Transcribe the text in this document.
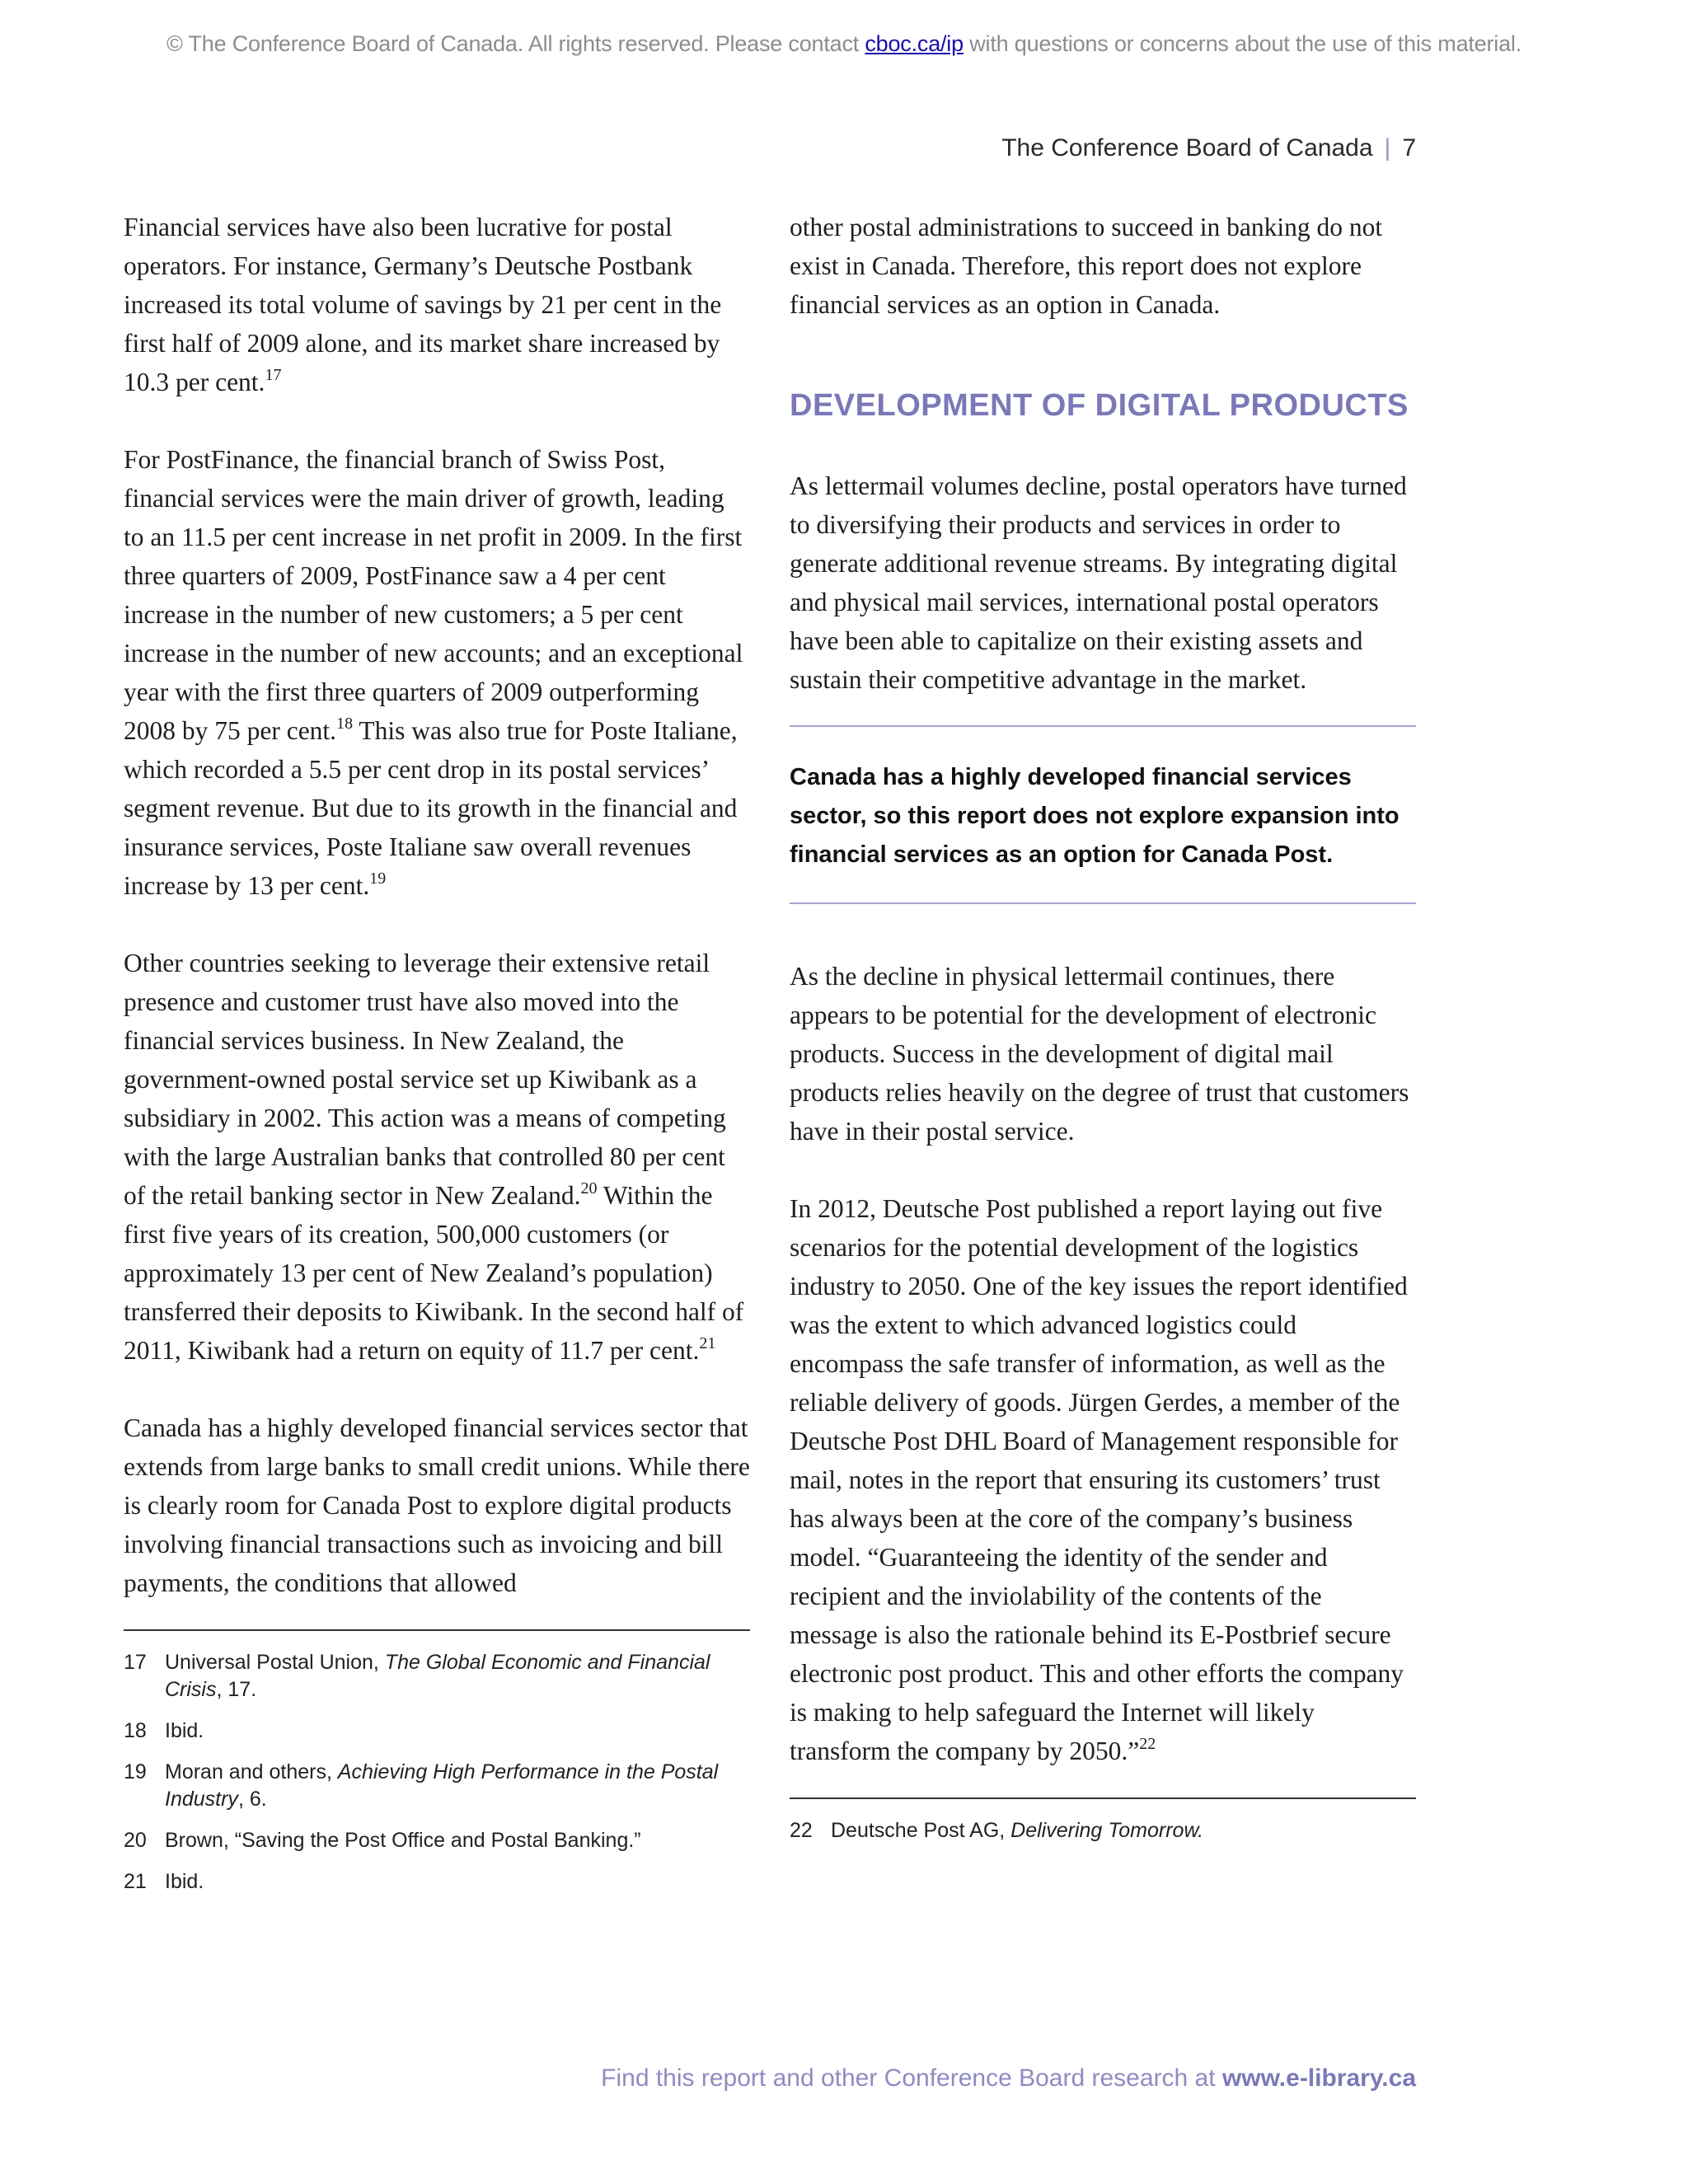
© The Conference Board of Canada. All rights reserved. Please contact cboc.ca/ip with questions or concerns about the use of this material.
The Conference Board of Canada | 7

Financial services have also been lucrative for postal operators. For instance, Germany’s Deutsche Postbank increased its total volume of savings by 21 per cent in the first half of 2009 alone, and its market share increased by 10.3 per cent.$^{17}$

For PostFinance, the financial branch of Swiss Post, financial services were the main driver of growth, leading to an 11.5 per cent increase in net profit in 2009. In the first three quarters of 2009, PostFinance saw a 4 per cent increase in the number of new customers; a 5 per cent increase in the number of new accounts; and an exceptional year with the first three quarters of 2009 outperforming 2008 by 75 per cent.$^{18}$ This was also true for Poste Italiane, which recorded a 5.5 per cent drop in its postal services’ segment revenue. But due to its growth in the financial and insurance services, Poste Italiane saw overall revenues increase by 13 per cent.$^{19}$

Other countries seeking to leverage their extensive retail presence and customer trust have also moved into the financial services business. In New Zealand, the government-owned postal service set up Kiwibank as a subsidiary in 2002. This action was a means of competing with the large Australian banks that controlled 80 per cent of the retail banking sector in New Zealand.$^{20}$ Within the first five years of its creation, 500,000 customers (or approximately 13 per cent of New Zealand’s population) transferred their deposits to Kiwibank. In the second half of 2011, Kiwibank had a return on equity of 11.7 per cent.$^{21}$

Canada has a highly developed financial services sector that extends from large banks to small credit unions. While there is clearly room for Canada Post to explore digital products involving financial transactions such as invoicing and bill payments, the conditions that allowed

17 Universal Postal Union, The Global Economic and Financial Crisis, 17.
18 Ibid.
19 Moran and others, Achieving High Performance in the Postal Industry, 6.
20 Brown, “Saving the Post Office and Postal Banking.”
21 Ibid.

other postal administrations to succeed in banking do not exist in Canada. Therefore, this report does not explore financial services as an option in Canada.

DEVELOPMENT OF DIGITAL PRODUCTS

As lettermail volumes decline, postal operators have turned to diversifying their products and services in order to generate additional revenue streams. By integrating digital and physical mail services, international postal operators have been able to capitalize on their existing assets and sustain their competitive advantage in the market.

Canada has a highly developed financial services sector, so this report does not explore expansion into financial services as an option for Canada Post.

As the decline in physical lettermail continues, there appears to be potential for the development of electronic products. Success in the development of digital mail products relies heavily on the degree of trust that customers have in their postal service.

In 2012, Deutsche Post published a report laying out five scenarios for the potential development of the logistics industry to 2050. One of the key issues the report identified was the extent to which advanced logistics could encompass the safe transfer of information, as well as the reliable delivery of goods. Jürgen Gerdes, a member of the Deutsche Post DHL Board of Management responsible for mail, notes in the report that ensuring its customers’ trust has always been at the core of the company’s business model. “Guaranteeing the identity of the sender and recipient and the inviolability of the contents of the message is also the rationale behind its E-Postbrief secure electronic post product. This and other efforts the company is making to help safeguard the Internet will likely transform the company by 2050.”$^{22}$

22 Deutsche Post AG, Delivering Tomorrow.
Find this report and other Conference Board research at www.e-library.ca
